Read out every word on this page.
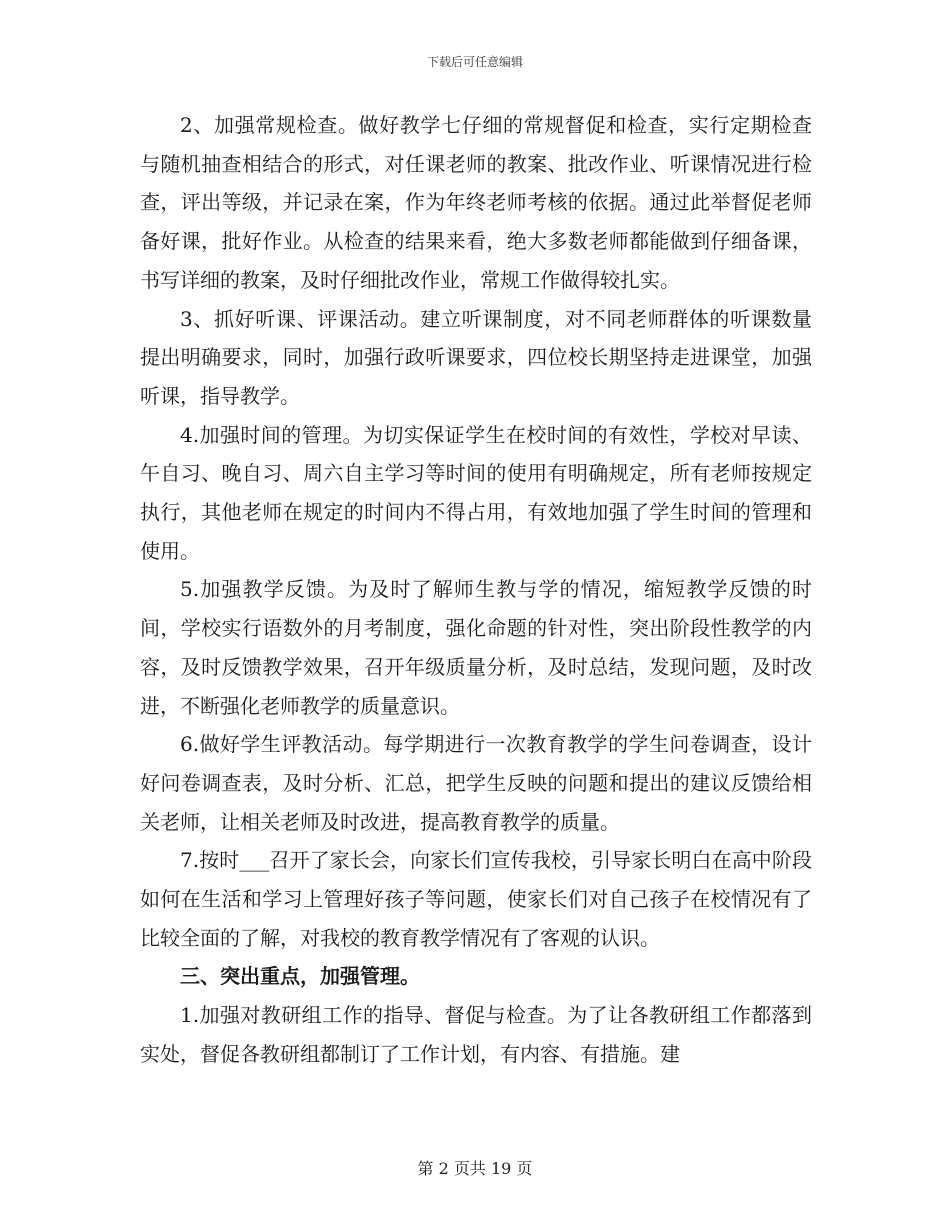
下载后可任意编辑

2、加强常规检查。做好教学七仔细的常规督促和检查，实行定期检查与随机抽查相结合的形式，对任课老师的教案、批改作业、听课情况进行检查，评出等级，并记录在案，作为年终老师考核的依据。通过此举督促老师备好课，批好作业。从检查的结果来看，绝大多数老师都能做到仔细备课，书写详细的教案，及时仔细批改作业，常规工作做得较扎实。

3、抓好听课、评课活动。建立听课制度，对不同老师群体的听课数量提出明确要求，同时，加强行政听课要求，四位校长期坚持走进课堂，加强听课，指导教学。

4.加强时间的管理。为切实保证学生在校时间的有效性，学校对早读、午自习、晚自习、周六自主学习等时间的使用有明确规定，所有老师按规定执行，其他老师在规定的时间内不得占用，有效地加强了学生时间的管理和使用。

5.加强教学反馈。为及时了解师生教与学的情况，缩短教学反馈的时间，学校实行语数外的月考制度，强化命题的针对性，突出阶段性教学的内容，及时反馈教学效果，召开年级质量分析，及时总结，发现问题，及时改进，不断强化老师教学的质量意识。

6.做好学生评教活动。每学期进行一次教育教学的学生问卷调查，设计好问卷调查表，及时分析、汇总，把学生反映的问题和提出的建议反馈给相关老师，让相关老师及时改进，提高教育教学的质量。

7.按时___召开了家长会，向家长们宣传我校，引导家长明白在高中阶段如何在生活和学习上管理好孩子等问题，使家长们对自己孩子在校情况有了比较全面的了解，对我校的教育教学情况有了客观的认识。

三、突出重点，加强管理。

1.加强对教研组工作的指导、督促与检查。为了让各教研组工作都落到实处，督促各教研组都制订了工作计划，有内容、有措施。建

第 2 页共 19 页
